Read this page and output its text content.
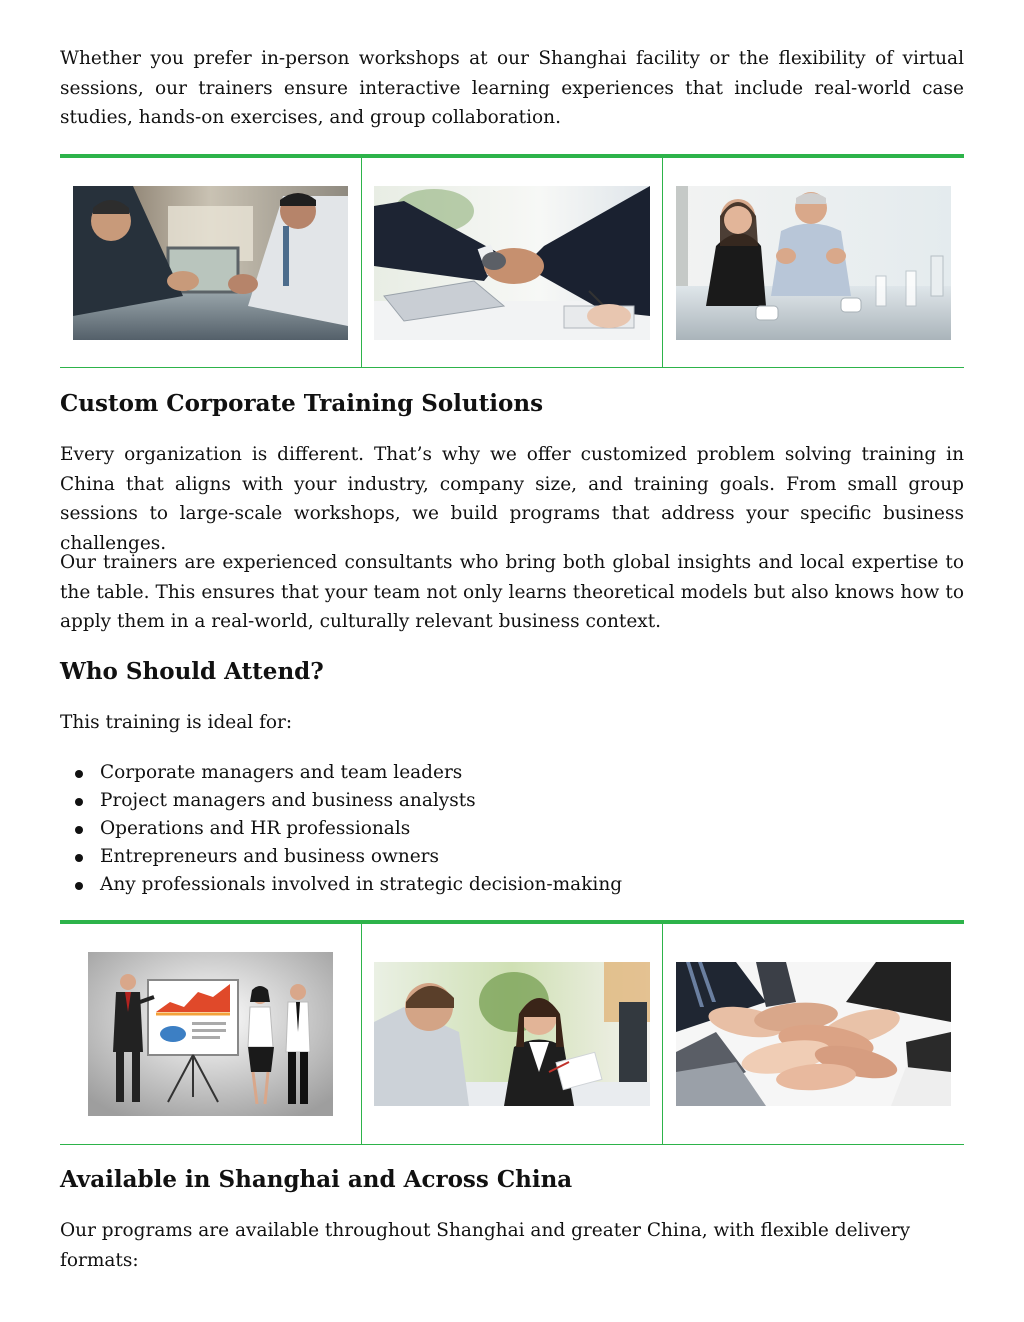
Whether you prefer in-person workshops at our Shanghai facility or the flexibility of virtual sessions, our trainers ensure interactive learning experiences that include real-world case studies, hands-on exercises, and group collaboration.

Custom Corporate Training Solutions

Every organization is different. That’s why we offer customized problem solving training in China that aligns with your industry, company size, and training goals. From small group sessions to large-scale workshops, we build programs that address your specific business challenges.

Our trainers are experienced consultants who bring both global insights and local expertise to the table. This ensures that your team not only learns theoretical models but also knows how to apply them in a real-world, culturally relevant business context.

Who Should Attend?

This training is ideal for:

Corporate managers and team leaders
Project managers and business analysts
Operations and HR professionals
Entrepreneurs and business owners
Any professionals involved in strategic decision-making
Available in Shanghai and Across China

Our programs are available throughout Shanghai and greater China, with flexible delivery formats:
